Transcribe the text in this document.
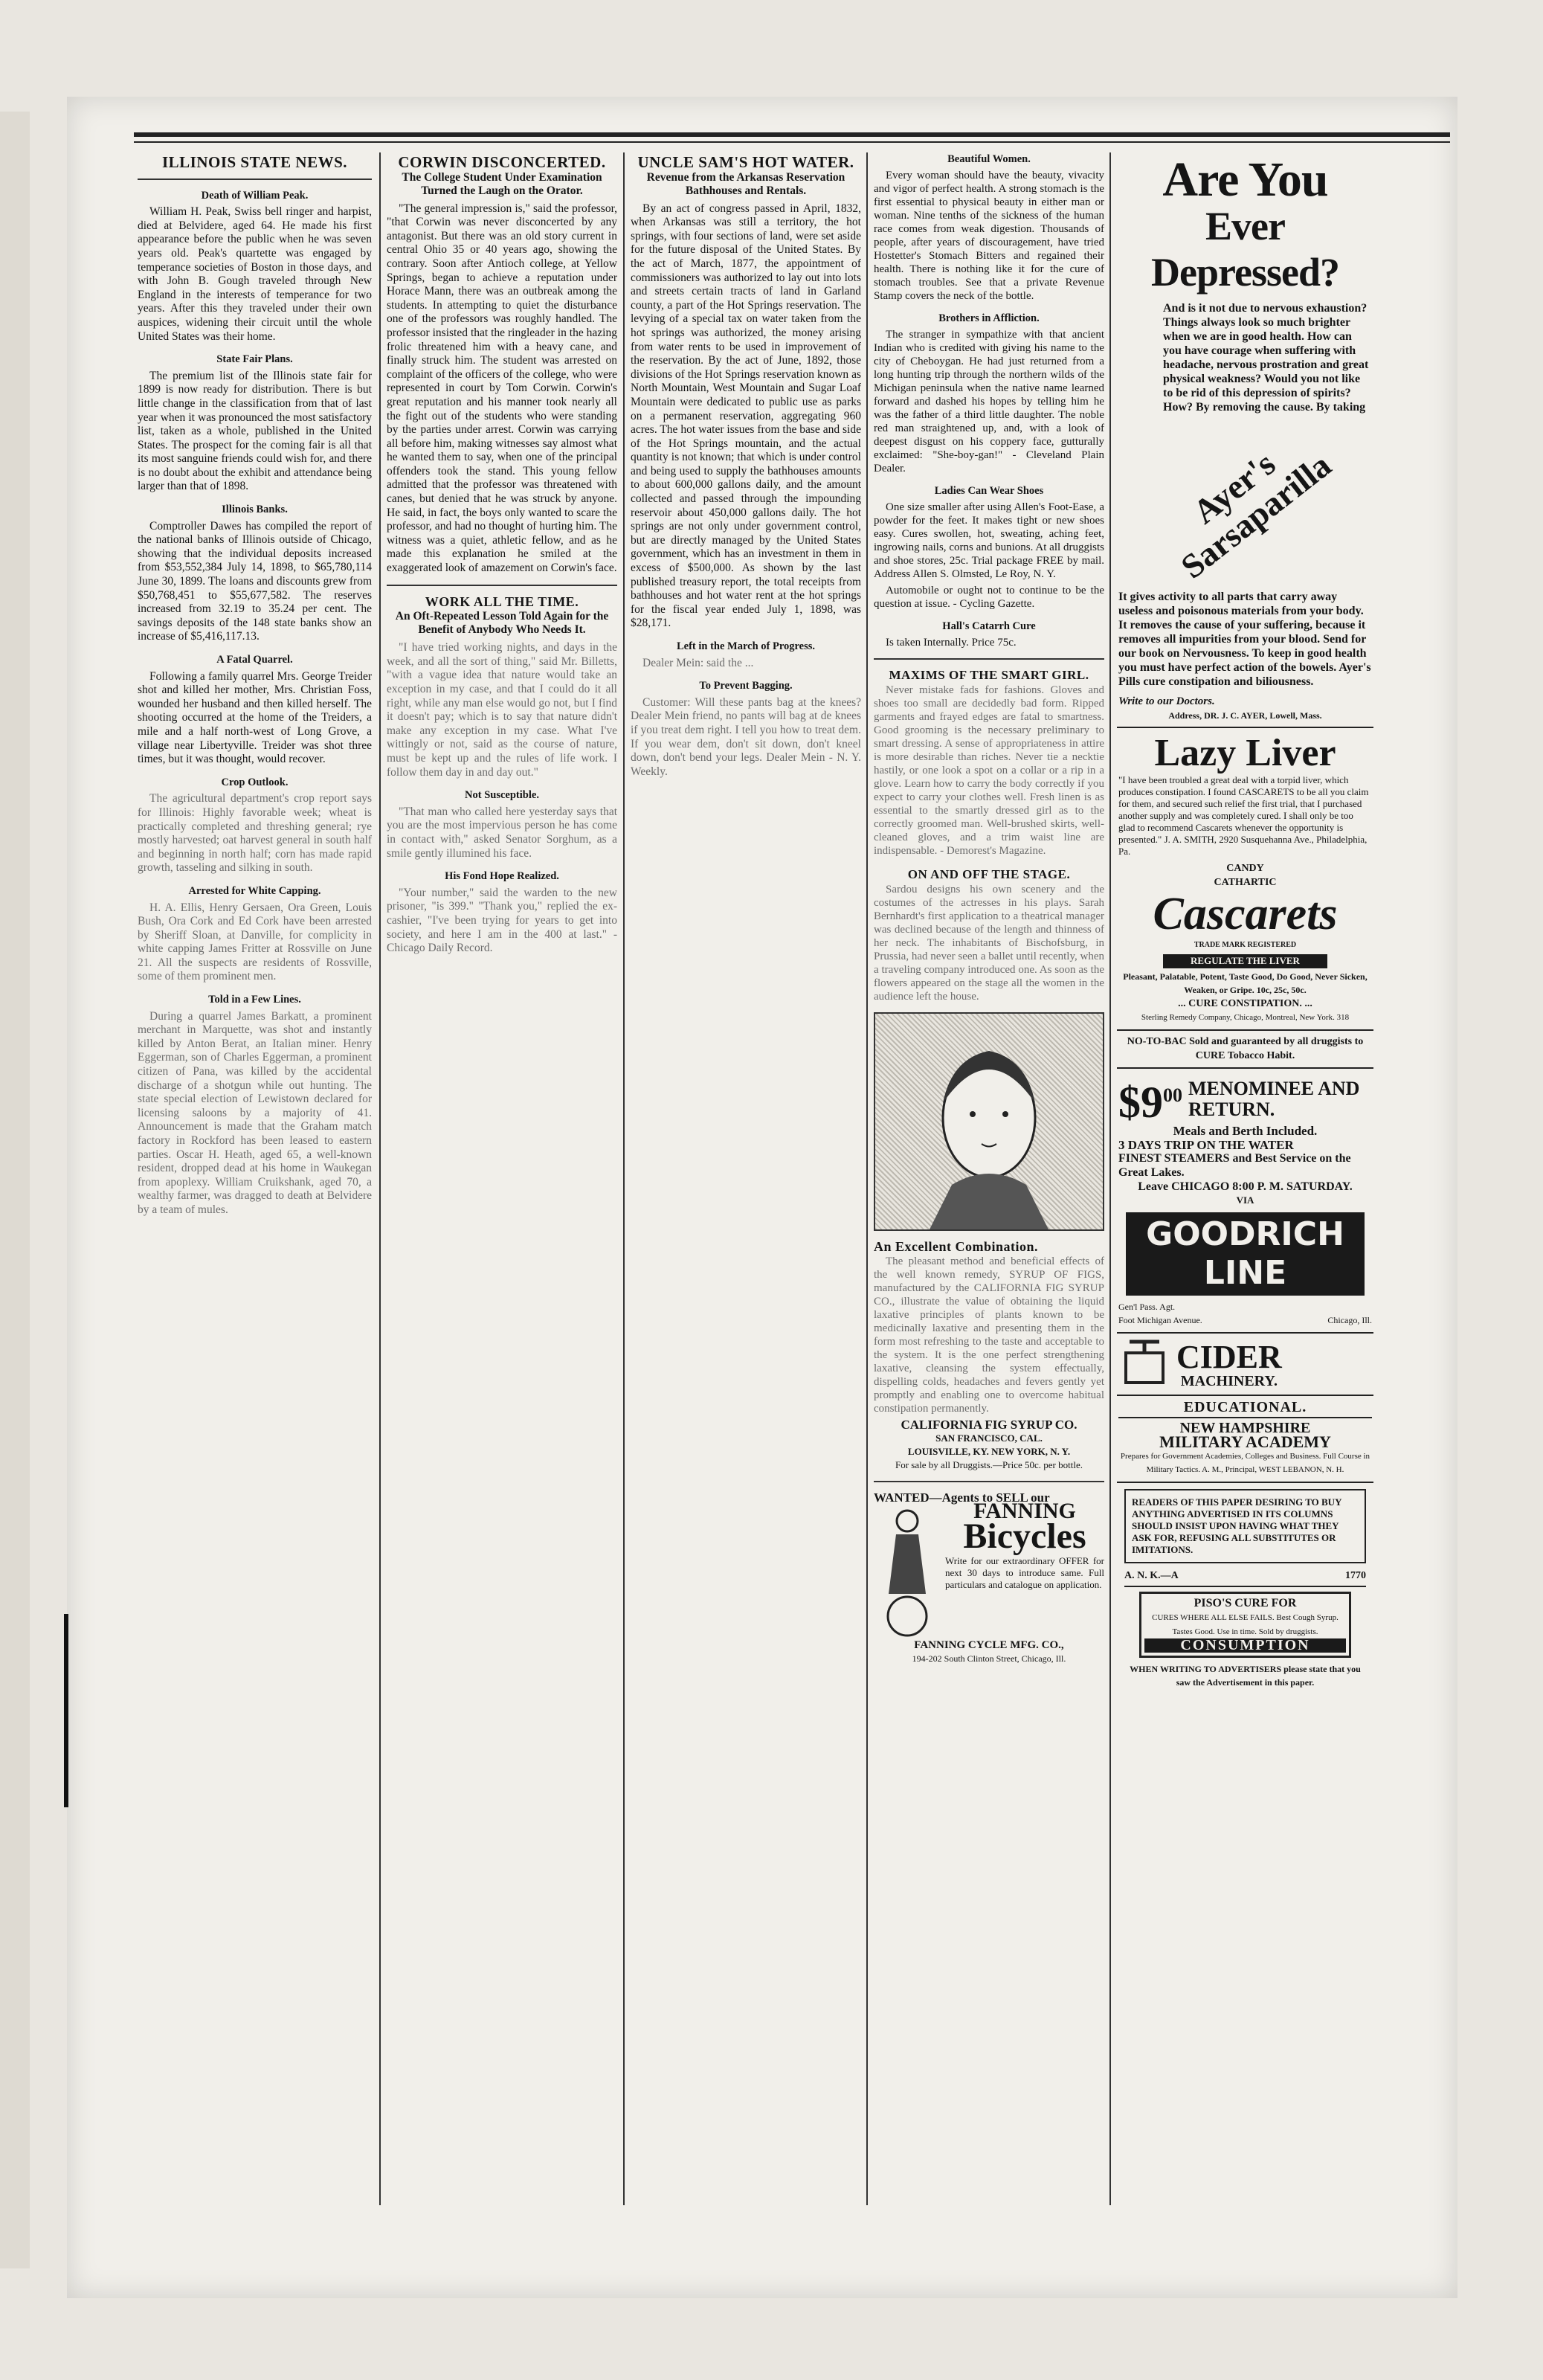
ILLINOIS STATE NEWS.
Death of William Peak.

William H. Peak, Swiss bell ringer and harpist, died at Belvidere, aged 64. He made his first appearance before the public when he was seven years old. Peak's quartette was engaged by temperance societies of Boston in those days, and with John B. Gough traveled through New England in the interests of temperance for two years. After this they traveled under their own auspices, widening their circuit until the whole United States was their home.

State Fair Plans.

The premium list of the Illinois state fair for 1899 is now ready for distribution. There is but little change in the classification from that of last year when it was pronounced the most satisfactory list, taken as a whole, published in the United States. The prospect for the coming fair is all that its most sanguine friends could wish for, and there is no doubt about the exhibit and attendance being larger than that of 1898.

Illinois Banks.

Comptroller Dawes has compiled the report of the national banks of Illinois outside of Chicago, showing that the individual deposits increased from $53,552,384 July 14, 1898, to $65,780,114 June 30, 1899. The loans and discounts grew from $50,768,451 to $55,677,582. The reserves increased from 32.19 to 35.24 per cent. The savings deposits of the 148 state banks show an increase of $5,416,117.13.

A Fatal Quarrel.

Following a family quarrel Mrs. George Treider shot and killed her mother, Mrs. Christian Foss, wounded her husband and then killed herself. The shooting occurred at the home of the Treiders, a mile and a half north-west of Long Grove, a village near Libertyville. Treider was shot three times, but it was thought, would recover.

Crop Outlook.

The agricultural department's crop report says for Illinois: Highly favorable week; wheat is practically completed and threshing general; rye mostly harvested; oat harvest general in south half and beginning in north half; corn has made rapid growth, tasseling and silking in south.

Arrested for White Capping.

H. A. Ellis, Henry Gersaen, Ora Green, Louis Bush, Ora Cork and Ed Cork have been arrested by Sheriff Sloan, at Danville, for complicity in white capping James Fritter at Rossville on June 21. All the suspects are residents of Rossville, some of them prominent men.

Told in a Few Lines.

During a quarrel James Barkatt, a prominent merchant in Marquette, was shot and instantly killed by Anton Berat, an Italian miner. Henry Eggerman, son of Charles Eggerman, a prominent citizen of Pana, was killed by the accidental discharge of a shotgun while out hunting. The state special election of Lewistown declared for licensing saloons by a majority of 41. Announcement is made that the Graham match factory in Rockford has been leased to eastern parties. Oscar H. Heath, aged 65, a well-known resident, dropped dead at his home in Waukegan from apoplexy. William Cruikshank, aged 70, a wealthy farmer, was dragged to death at Belvidere by a team of mules.

CORWIN DISCONCERTED.
The College Student Under Examination Turned the Laugh on the Orator.

"The general impression is," said the professor, "that Corwin was never disconcerted by any antagonist. But there was an old story current in central Ohio 35 or 40 years ago, showing the contrary. Soon after Antioch college, at Yellow Springs, began to achieve a reputation under Horace Mann, there was an outbreak among the students. In attempting to quiet the disturbance one of the professors was roughly handled. The professor insisted that the ringleader in the hazing frolic threatened him with a heavy cane, and finally struck him. The student was arrested on complaint of the officers of the college, who were represented in court by Tom Corwin. Corwin's great reputation and his manner took nearly all the fight out of the students who were standing by the parties under arrest. Corwin was carrying all before him, making witnesses say almost what he wanted them to say, when one of the principal offenders took the stand. This young fellow admitted that the professor was threatened with canes, but denied that he was struck by anyone. He said, in fact, the boys only wanted to scare the professor, and had no thought of hurting him. The witness was a quiet, athletic fellow, and as he made this explanation he smiled at the exaggerated look of amazement on Corwin's face.

WORK ALL THE TIME.
An Oft-Repeated Lesson Told Again for the Benefit of Anybody Who Needs It.

"I have tried working nights, and days in the week, and all the sort of thing," said Mr. Billetts, "with a vague idea that nature would take an exception in my case, and that I could do it all right, while any man else would go not, but I find it doesn't pay; which is to say that nature didn't make any exception in my case. What I've wittingly or not, said as the course of nature, must be kept up and the rules of life work. I follow them day in and day out."

Not Susceptible.

"That man who called here yesterday says that you are the most impervious person he has come in contact with," asked Senator Sorghum, as a smile gently illumined his face.

His Fond Hope Realized.

"Your number," said the warden to the new prisoner, "is 399." "Thank you," replied the ex-cashier, "I've been trying for years to get into society, and here I am in the 400 at last." - Chicago Daily Record.

UNCLE SAM'S HOT WATER.
Revenue from the Arkansas Reservation Bathhouses and Rentals.

By an act of congress passed in April, 1832, when Arkansas was still a territory, the hot springs, with four sections of land, were set aside for the future disposal of the United States. By the act of March, 1877, the appointment of commissioners was authorized to lay out into lots and streets certain tracts of land in Garland county, a part of the Hot Springs reservation. The levying of a special tax on water taken from the hot springs was authorized, the money arising from water rents to be used in improvement of the reservation. By the act of June, 1892, those divisions of the Hot Springs reservation known as North Mountain, West Mountain and Sugar Loaf Mountain were dedicated to public use as parks on a permanent reservation, aggregating 960 acres. The hot water issues from the base and side of the Hot Springs mountain, and the actual quantity is not known; that which is under control and being used to supply the bathhouses amounts to about 600,000 gallons daily, and the amount collected and passed through the impounding reservoir about 450,000 gallons daily. The hot springs are not only under government control, but are directly managed by the United States government, which has an investment in them in excess of $500,000. As shown by the last published treasury report, the total receipts from bathhouses and hot water rent at the hot springs for the fiscal year ended July 1, 1898, was $28,171.

Left in the March of Progress.

Dealer Mein: said the ...

To Prevent Bagging.

Customer: Will these pants bag at the knees? Dealer Mein friend, no pants will bag at de knees if you treat dem right. I tell you how to treat dem. If you wear dem, don't sit down, don't kneel down, don't bend your legs. Dealer Mein - N. Y. Weekly.

Beautiful Women.

Every woman should have the beauty, vivacity and vigor of perfect health. A strong stomach is the first essential to physical beauty in either man or woman. Nine tenths of the sickness of the human race comes from weak digestion. Thousands of people, after years of discouragement, have tried Hostetter's Stomach Bitters and regained their health. There is nothing like it for the cure of stomach troubles. See that a private Revenue Stamp covers the neck of the bottle.

Brothers in Affliction.

The stranger in sympathize with that ancient Indian who is credited with giving his name to the city of Cheboygan. He had just returned from a long hunting trip through the northern wilds of the Michigan peninsula when the native name learned forward and dashed his hopes by telling him he was the father of a third little daughter. The noble red man straightened up, and, with a look of deepest disgust on his coppery face, gutturally exclaimed: "She-boy-gan!" - Cleveland Plain Dealer.

Ladies Can Wear Shoes

One size smaller after using Allen's Foot-Ease, a powder for the feet. It makes tight or new shoes easy. Cures swollen, hot, sweating, aching feet, ingrowing nails, corns and bunions. At all druggists and shoe stores, 25c. Trial package FREE by mail. Address Allen S. Olmsted, Le Roy, N. Y.

Automobile or ought not to continue to be the question at issue. - Cycling Gazette.

Hall's Catarrh Cure

Is taken Internally. Price 75c.

MAXIMS OF THE SMART GIRL.

Never mistake fads for fashions. Gloves and shoes too small are decidedly bad form. Ripped garments and frayed edges are fatal to smartness. Good grooming is the necessary preliminary to smart dressing. A sense of appropriateness in attire is more desirable than riches. Never tie a necktie hastily, or one look a spot on a collar or a rip in a glove. Learn how to carry the body correctly if you expect to carry your clothes well. Fresh linen is as essential to the smartly dressed girl as to the correctly groomed man. Well-brushed skirts, well-cleaned gloves, and a trim waist line are indispensable. - Demorest's Magazine.

ON AND OFF THE STAGE.

Sardou designs his own scenery and the costumes of the actresses in his plays. Sarah Bernhardt's first application to a theatrical manager was declined because of the length and thinness of her neck. The inhabitants of Bischofsburg, in Prussia, had never seen a ballet until recently, when a traveling company introduced one. As soon as the flowers appeared on the stage all the women in the audience left the house.

An Excellent Combination.

The pleasant method and beneficial effects of the well known remedy, SYRUP OF FIGS, manufactured by the CALIFORNIA FIG SYRUP CO., illustrate the value of obtaining the liquid laxative principles of plants known to be medicinally laxative and presenting them in the form most refreshing to the taste and acceptable to the system. It is the one perfect strengthening laxative, cleansing the system effectually, dispelling colds, headaches and fevers gently yet promptly and enabling one to overcome habitual constipation permanently.

CALIFORNIA FIG SYRUP CO.
SAN FRANCISCO, CAL.
LOUISVILLE, KY. NEW YORK, N. Y.
For sale by all Druggists.—Price 50c. per bottle.
WANTED—Agents to SELL our
FANNING
Bicycles
Write for our extraordinary OFFER for next 30 days to introduce same. Full particulars and catalogue on application.
FANNING CYCLE MFG. CO.,
194-202 South Clinton Street, Chicago, Ill.
Are You
Ever Depressed?
And is it not due to nervous exhaustion? Things always look so much brighter when we are in good health. How can you have courage when suffering with headache, nervous prostration and great physical weakness? Would you not like to be rid of this depression of spirits? How? By removing the cause. By taking
Ayer's Sarsaparilla
It gives activity to all parts that carry away useless and poisonous materials from your body. It removes the cause of your suffering, because it removes all impurities from your blood. Send for our book on Nervousness. To keep in good health you must have perfect action of the bowels. Ayer's Pills cure constipation and biliousness.
Write to our Doctors.
Address, DR. J. C. AYER, Lowell, Mass.
Lazy Liver
"I have been troubled a great deal with a torpid liver, which produces constipation. I found CASCARETS to be all you claim for them, and secured such relief the first trial, that I purchased another supply and was completely cured. I shall only be too glad to recommend Cascarets whenever the opportunity is presented." J. A. SMITH, 2920 Susquehanna Ave., Philadelphia, Pa.
CANDY
CATHARTIC
Cascarets
TRADE MARK REGISTERED
REGULATE THE LIVER
Pleasant, Palatable, Potent, Taste Good, Do Good, Never Sicken, Weaken, or Gripe. 10c, 25c, 50c.
... CURE CONSTIPATION. ...
Sterling Remedy Company, Chicago, Montreal, New York. 318
NO-TO-BAC Sold and guaranteed by all druggists to CURE Tobacco Habit.
$\$9^{00}$ MENOMINEE AND RETURN.
Meals and Berth Included.
3 DAYS TRIP ON THE WATER
FINEST STEAMERS and Best Service on the Great Lakes.
Leave CHICAGO 8:00 P. M. SATURDAY.
VIA
GOODRICH
LINE
Gen'l Pass. Agt.
Foot Michigan Avenue.	Chicago, Ill.
CIDER
MACHINERY.
EDUCATIONAL.
NEW HAMPSHIRE
MILITARY ACADEMY
Prepares for Government Academies, Colleges and Business. Full Course in Military Tactics. A. M., Principal, WEST LEBANON, N. H.
READERS OF THIS PAPER DESIRING TO BUY ANYTHING ADVERTISED IN ITS COLUMNS SHOULD INSIST UPON HAVING WHAT THEY ASK FOR, REFUSING ALL SUBSTITUTES OR IMITATIONS.
A. N. K.—A	1770
PISO'S CURE FOR
CURES WHERE ALL ELSE FAILS. Best Cough Syrup. Tastes Good. Use in time. Sold by druggists.
CONSUMPTION
WHEN WRITING TO ADVERTISERS please state that you saw the Advertisement in this paper.
